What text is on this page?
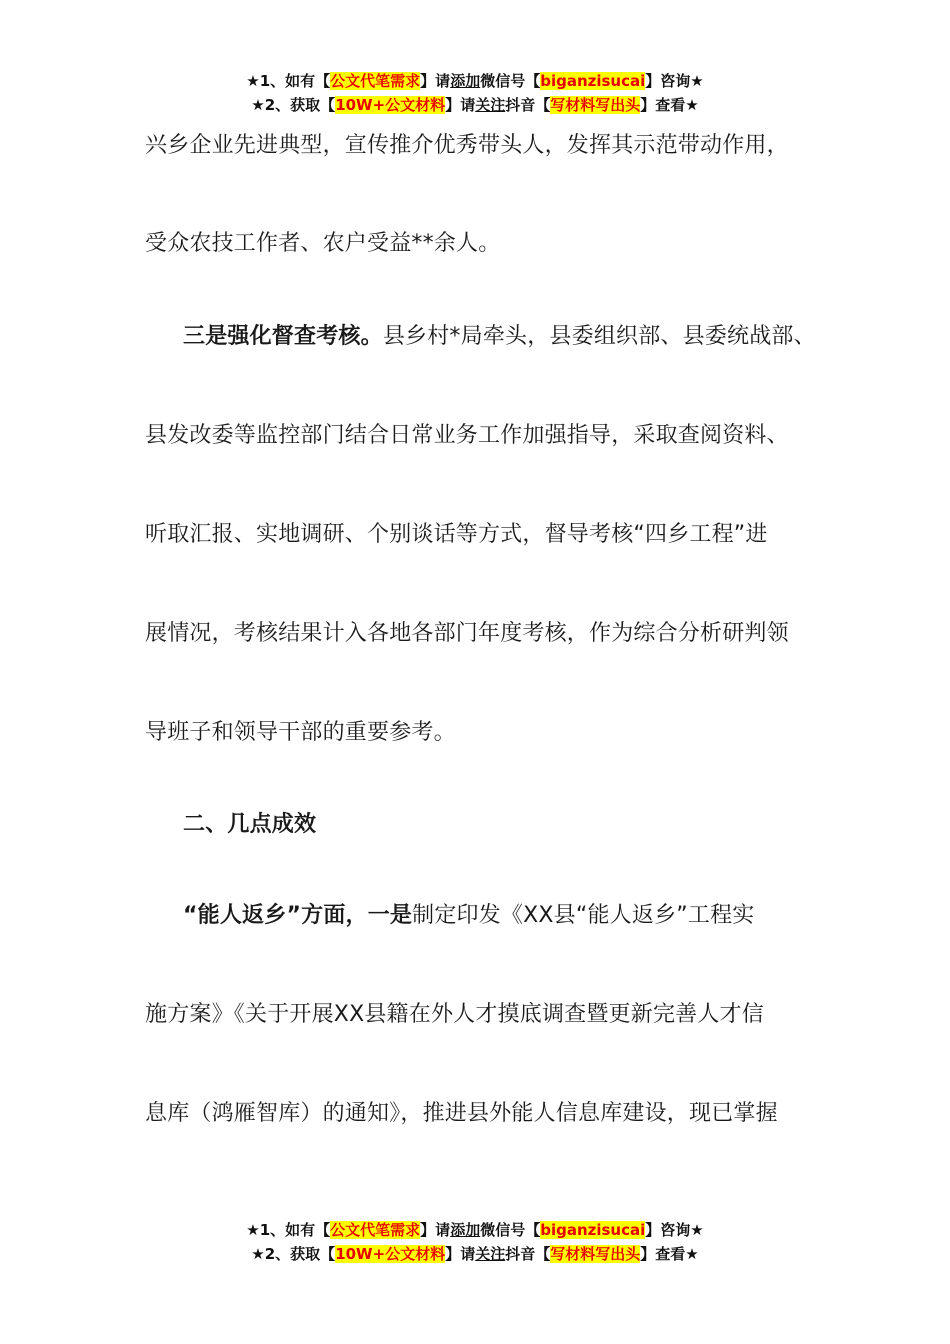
★1、如有【公文代笔需求】请添加微信号【biganzisucai】咨询★
★2、获取【10W+公文材料】请关注抖音【写材料写出头】查看★
兴乡企业先进典型，宣传推介优秀带头人，发挥其示范带动作用，
受众农技工作者、农户受益**余人。
三是强化督查考核。县乡村*局牵头，县委组织部、县委统战部、
县发改委等监控部门结合日常业务工作加强指导，采取查阅资料、
听取汇报、实地调研、个别谈话等方式，督导考核“四乡工程”进
展情况，考核结果计入各地各部门年度考核，作为综合分析研判领
导班子和领导干部的重要参考。
二、几点成效
“能人返乡”方面，一是制定印发《XX县“能人返乡”工程实
施方案》《关于开展XX县籍在外人才摸底调查暨更新完善人才信
息库（鸿雁智库）的通知》，推进县外能人信息库建设，现已掌握
★1、如有【公文代笔需求】请添加微信号【biganzisucai】咨询★
★2、获取【10W+公文材料】请关注抖音【写材料写出头】查看★
